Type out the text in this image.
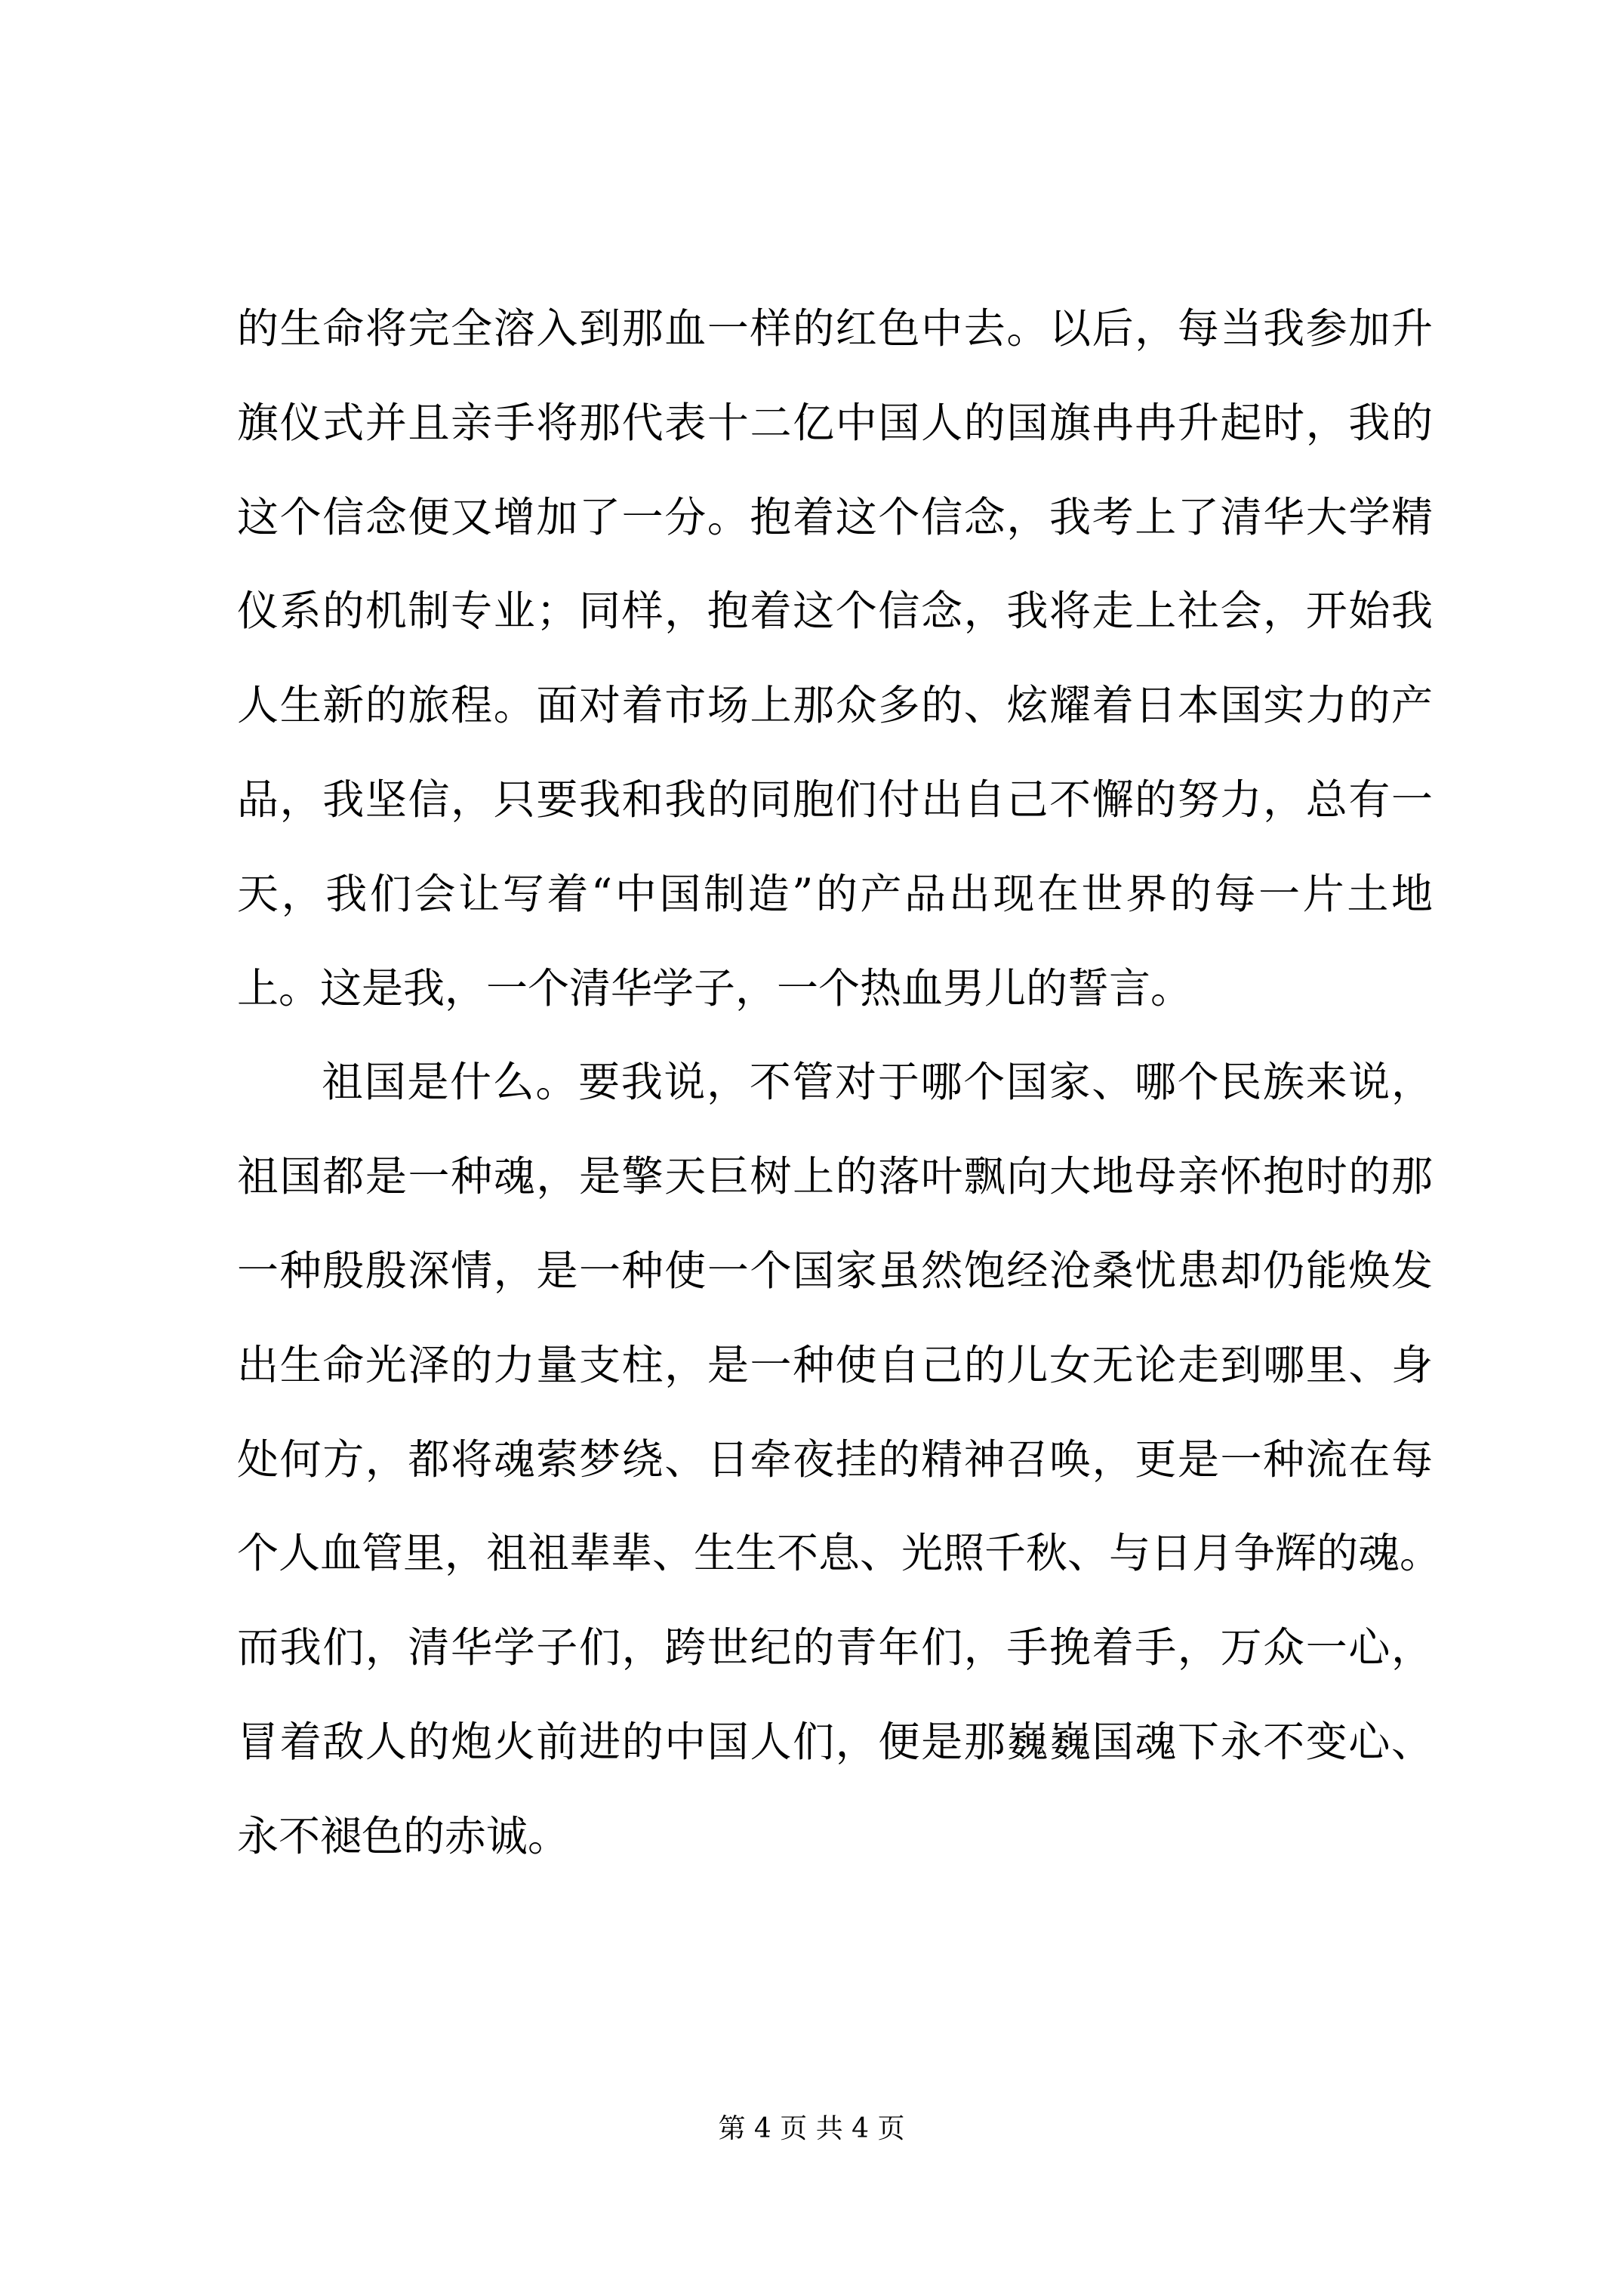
的生命将完全溶入到那血一样的红色中去。以后，每当我参加升
旗仪式并且亲手将那代表十二亿中国人的国旗冉冉升起时，我的
这个信念便又增加了一分。抱着这个信念，我考上了清华大学精
仪系的机制专业；同样，抱着这个信念，我将走上社会，开始我
人生新的旅程。面对着市场上那众多的、炫耀着日本国实力的产
品，我坚信，只要我和我的同胞们付出自己不懈的努力，总有一
天，我们会让写着“中国制造”的产品出现在世界的每一片土地
上。这是我，一个清华学子，一个热血男儿的誓言。
祖国是什么。要我说，不管对于哪个国家、哪个民族来说，
祖国都是一种魂，是擎天巨树上的落叶飘向大地母亲怀抱时的那
一种殷殷深情，是一种使一个国家虽然饱经沧桑忧患却仍能焕发
出生命光泽的力量支柱，是一种使自己的儿女无论走到哪里、身
处何方，都将魂萦梦绕、日牵夜挂的精神召唤，更是一种流在每
个人血管里，祖祖辈辈、生生不息、光照千秋、与日月争辉的魂。
而我们，清华学子们，跨世纪的青年们，手挽着手，万众一心，
冒着敌人的炮火前进的中国人们，便是那巍巍国魂下永不变心、
永不褪色的赤诚。
第 4 页 共 4 页
